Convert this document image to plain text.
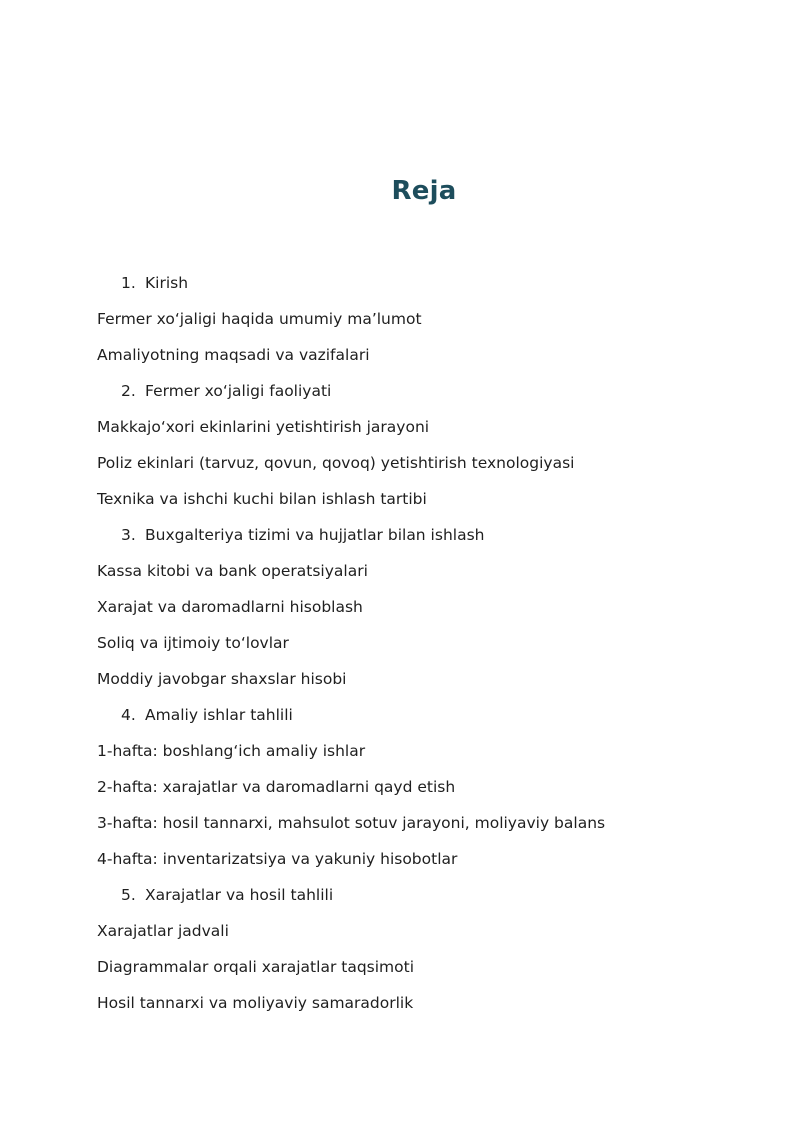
Reja
1. Kirish
Fermer xo‘jaligi haqida umumiy ma’lumot
Amaliyotning maqsadi va vazifalari
2. Fermer xo‘jaligi faoliyati
Makkajo‘xori ekinlarini yetishtirish jarayoni
Poliz ekinlari (tarvuz, qovun, qovoq) yetishtirish texnologiyasi
Texnika va ishchi kuchi bilan ishlash tartibi
3. Buxgalteriya tizimi va hujjatlar bilan ishlash
Kassa kitobi va bank operatsiyalari
Xarajat va daromadlarni hisoblash
Soliq va ijtimoiy to‘lovlar
Moddiy javobgar shaxslar hisobi
4. Amaliy ishlar tahlili
1-hafta: boshlang‘ich amaliy ishlar
2-hafta: xarajatlar va daromadlarni qayd etish
3-hafta: hosil tannarxi, mahsulot sotuv jarayoni, moliyaviy balans
4-hafta: inventarizatsiya va yakuniy hisobotlar
5. Xarajatlar va hosil tahlili
Xarajatlar jadvali
Diagrammalar orqali xarajatlar taqsimoti
Hosil tannarxi va moliyaviy samaradorlik
